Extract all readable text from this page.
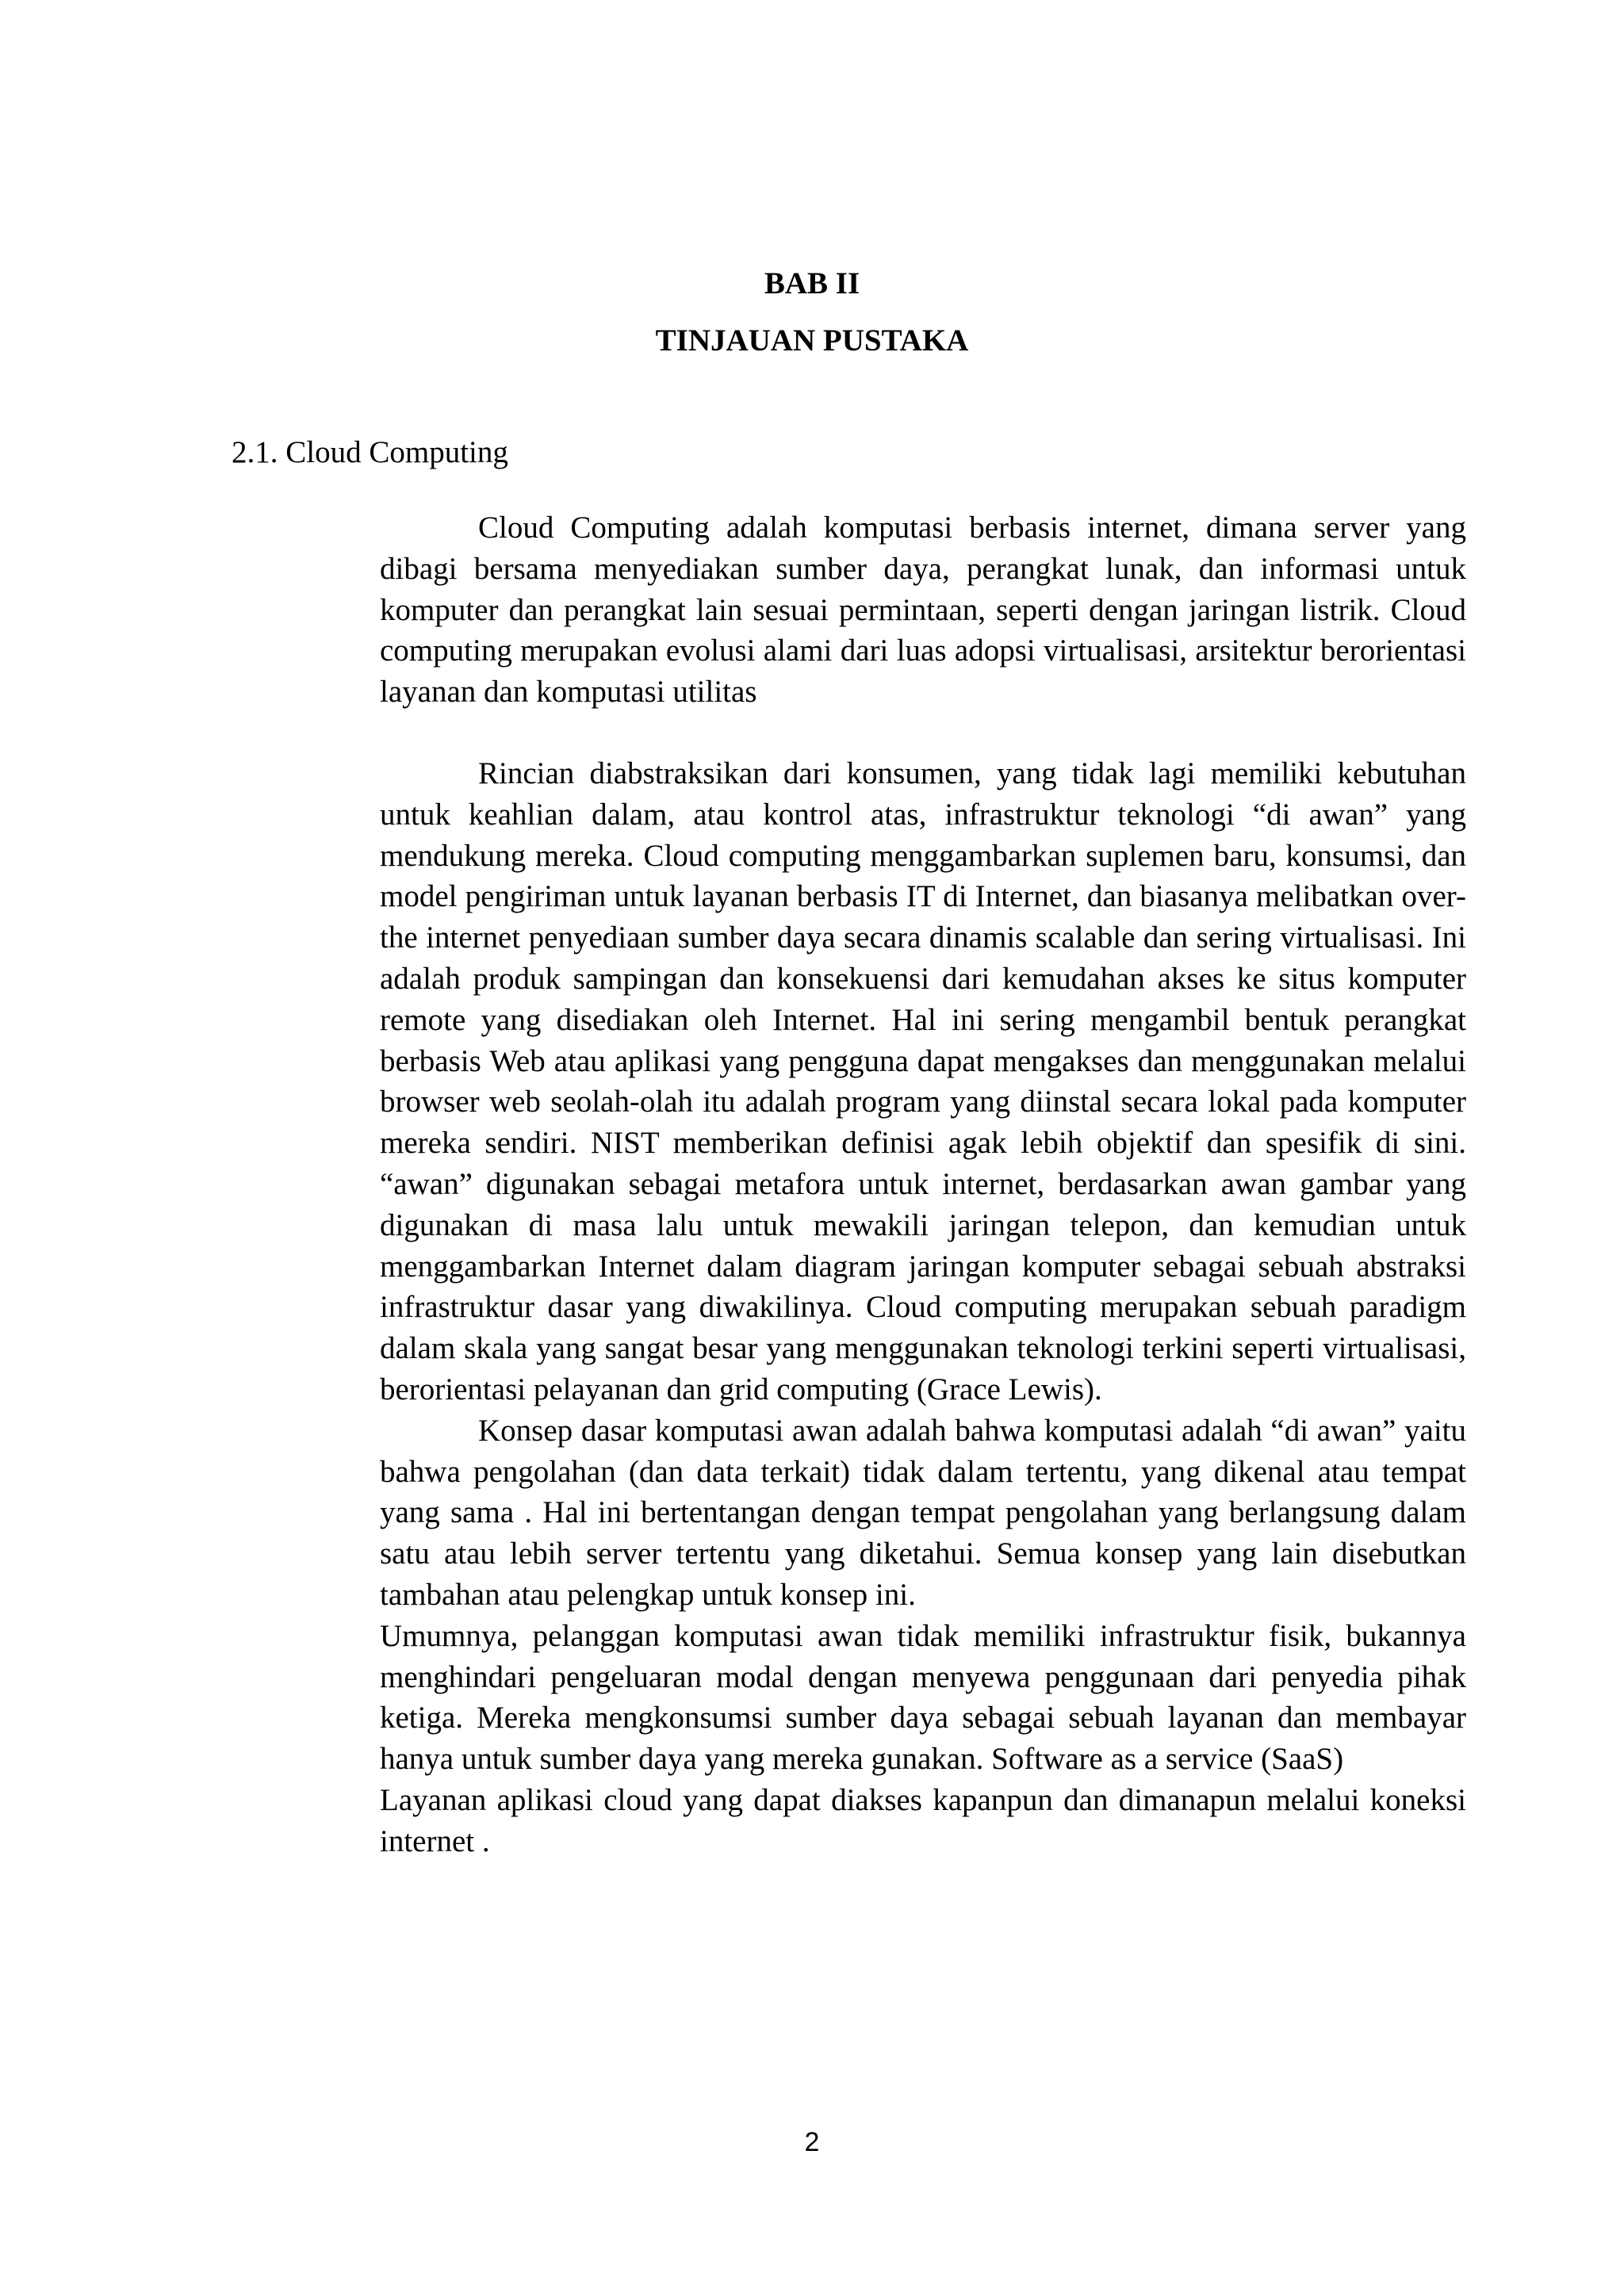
BAB II
TINJAUAN PUSTAKA
2.1. Cloud Computing

Cloud Computing adalah komputasi berbasis internet, dimana server yang dibagi bersama menyediakan sumber daya, perangkat lunak, dan informasi untuk komputer dan perangkat lain sesuai permintaan, seperti dengan jaringan listrik. Cloud computing merupakan evolusi alami dari luas adopsi virtualisasi, arsitektur berorientasi layanan dan komputasi utilitas

Rincian diabstraksikan dari konsumen, yang tidak lagi memiliki kebutuhan untuk keahlian dalam, atau kontrol atas, infrastruktur teknologi “di awan” yang mendukung mereka. Cloud computing menggambarkan suplemen baru, konsumsi, dan model pengiriman untuk layanan berbasis IT di Internet, dan biasanya melibatkan over-the internet penyediaan sumber daya secara dinamis scalable dan sering virtualisasi. Ini adalah produk sampingan dan konsekuensi dari kemudahan akses ke situs komputer remote yang disediakan oleh Internet. Hal ini sering mengambil bentuk perangkat berbasis Web atau aplikasi yang pengguna dapat mengakses dan menggunakan melalui browser web seolah-olah itu adalah program yang diinstal secara lokal pada komputer mereka sendiri. NIST memberikan definisi agak lebih objektif dan spesifik di sini. “awan” digunakan sebagai metafora untuk internet, berdasarkan awan gambar yang digunakan di masa lalu untuk mewakili jaringan telepon, dan kemudian untuk menggambarkan Internet dalam diagram jaringan komputer sebagai sebuah abstraksi infrastruktur dasar yang diwakilinya. Cloud computing merupakan sebuah paradigm dalam skala yang sangat besar yang menggunakan teknologi terkini seperti virtualisasi, berorientasi pelayanan dan grid computing (Grace Lewis).

Konsep dasar komputasi awan adalah bahwa komputasi adalah “di awan” yaitu bahwa pengolahan (dan data terkait) tidak dalam tertentu, yang dikenal atau tempat yang sama . Hal ini bertentangan dengan tempat pengolahan yang berlangsung dalam satu atau lebih server tertentu yang diketahui. Semua konsep yang lain disebutkan tambahan atau pelengkap untuk konsep ini.

Umumnya, pelanggan komputasi awan tidak memiliki infrastruktur fisik, bukannya menghindari pengeluaran modal dengan menyewa penggunaan dari penyedia pihak ketiga. Mereka mengkonsumsi sumber daya sebagai sebuah layanan dan membayar hanya untuk sumber daya yang mereka gunakan. Software as a service (SaaS)

Layanan aplikasi cloud yang dapat diakses kapanpun dan dimanapun melalui koneksi internet .

2
